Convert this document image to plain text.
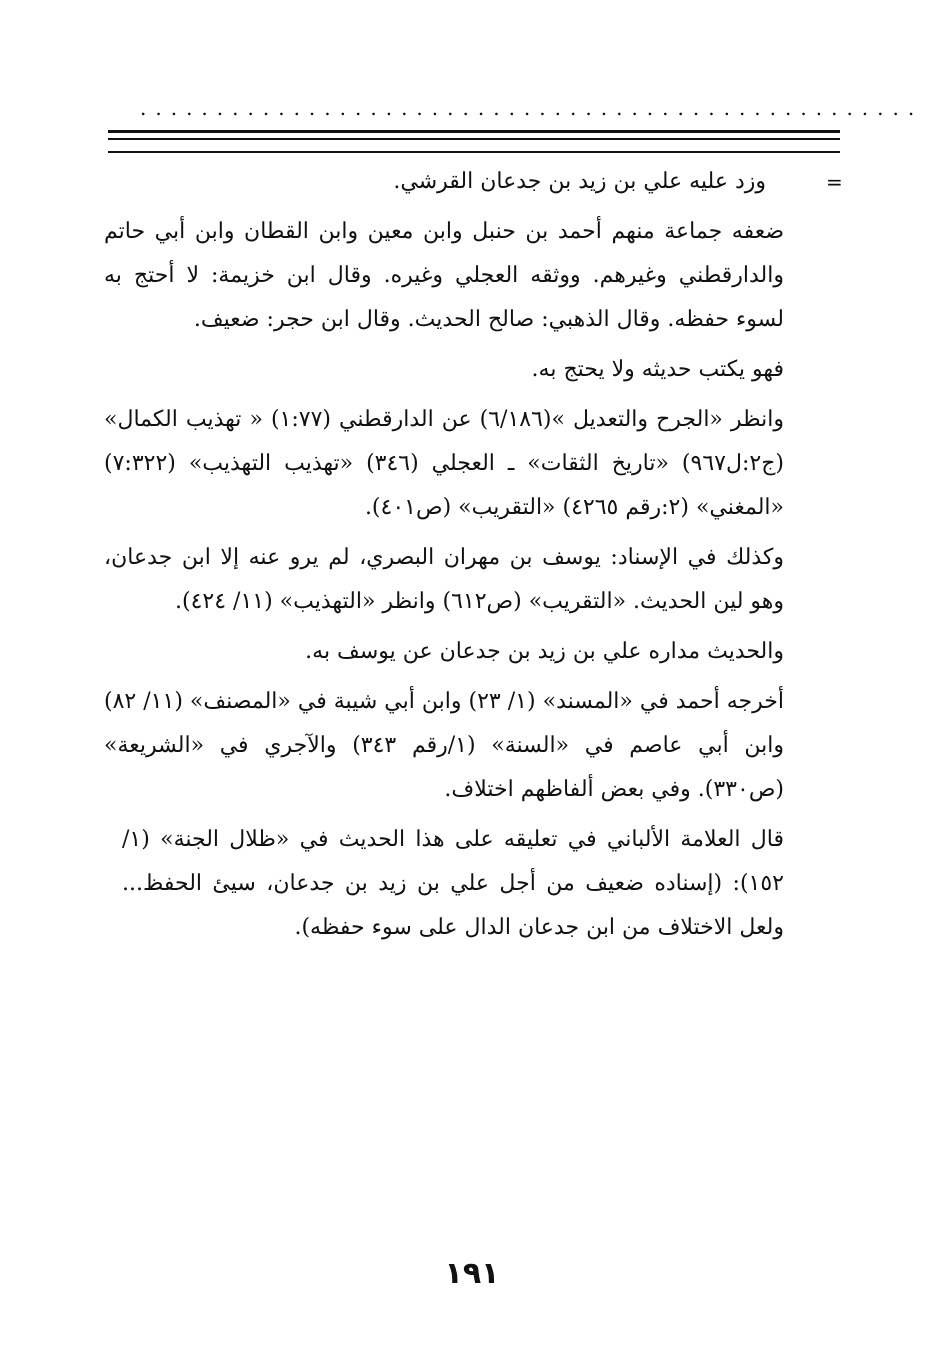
...................................................
=

وزد عليه علي بن زيد بن جدعان القرشي.

ضعفه جماعة منهم أحمد بن حنبل وابن معين وابن القطان وابن أبي حاتم والدارقطني وغيرهم. ووثقه العجلي وغيره. وقال ابن خزيمة: لا أحتج به لسوء حفظه. وقال الذهبي: صالح الحديث. وقال ابن حجر: ضعيف.

فهو يكتب حديثه ولا يحتج به.

وانظر «الجرح والتعديل »(٦/١٨٦) عن الدارقطني (١:٧٧) « تهذيب الكمال» (ج٢:ل٩٦٧) «تاريخ الثقات» ـ العجلي (٣٤٦) «تهذيب التهذيب» (٧:٣٢٢) «المغني» (٢:رقم ٤٢٦٥) «التقريب» (ص٤٠١).

وكذلك في الإسناد: يوسف بن مهران البصري، لم يرو عنه إلا ابن جدعان، وهو لين الحديث. «التقريب» (ص٦١٢) وانظر «التهذيب» (١١/ ٤٢٤).

والحديث مداره علي بن زيد بن جدعان عن يوسف به.

أخرجه أحمد في «المسند» (١/ ٢٣) وابن أبي شيبة في «المصنف» (١١/ ٨٢) وابن أبي عاصم في «السنة» (١/رقم ٣٤٣) والآجري في «الشريعة» (ص٣٣٠). وفي بعض ألفاظهم اختلاف.

قال العلامة الألباني في تعليقه على هذا الحديث في «ظلال الجنة» (١/ ١٥٢): (إسناده ضعيف من أجل علي بن زيد بن جدعان، سيئ الحفظ... ولعل الاختلاف من ابن جدعان الدال على سوء حفظه).

١٩١
